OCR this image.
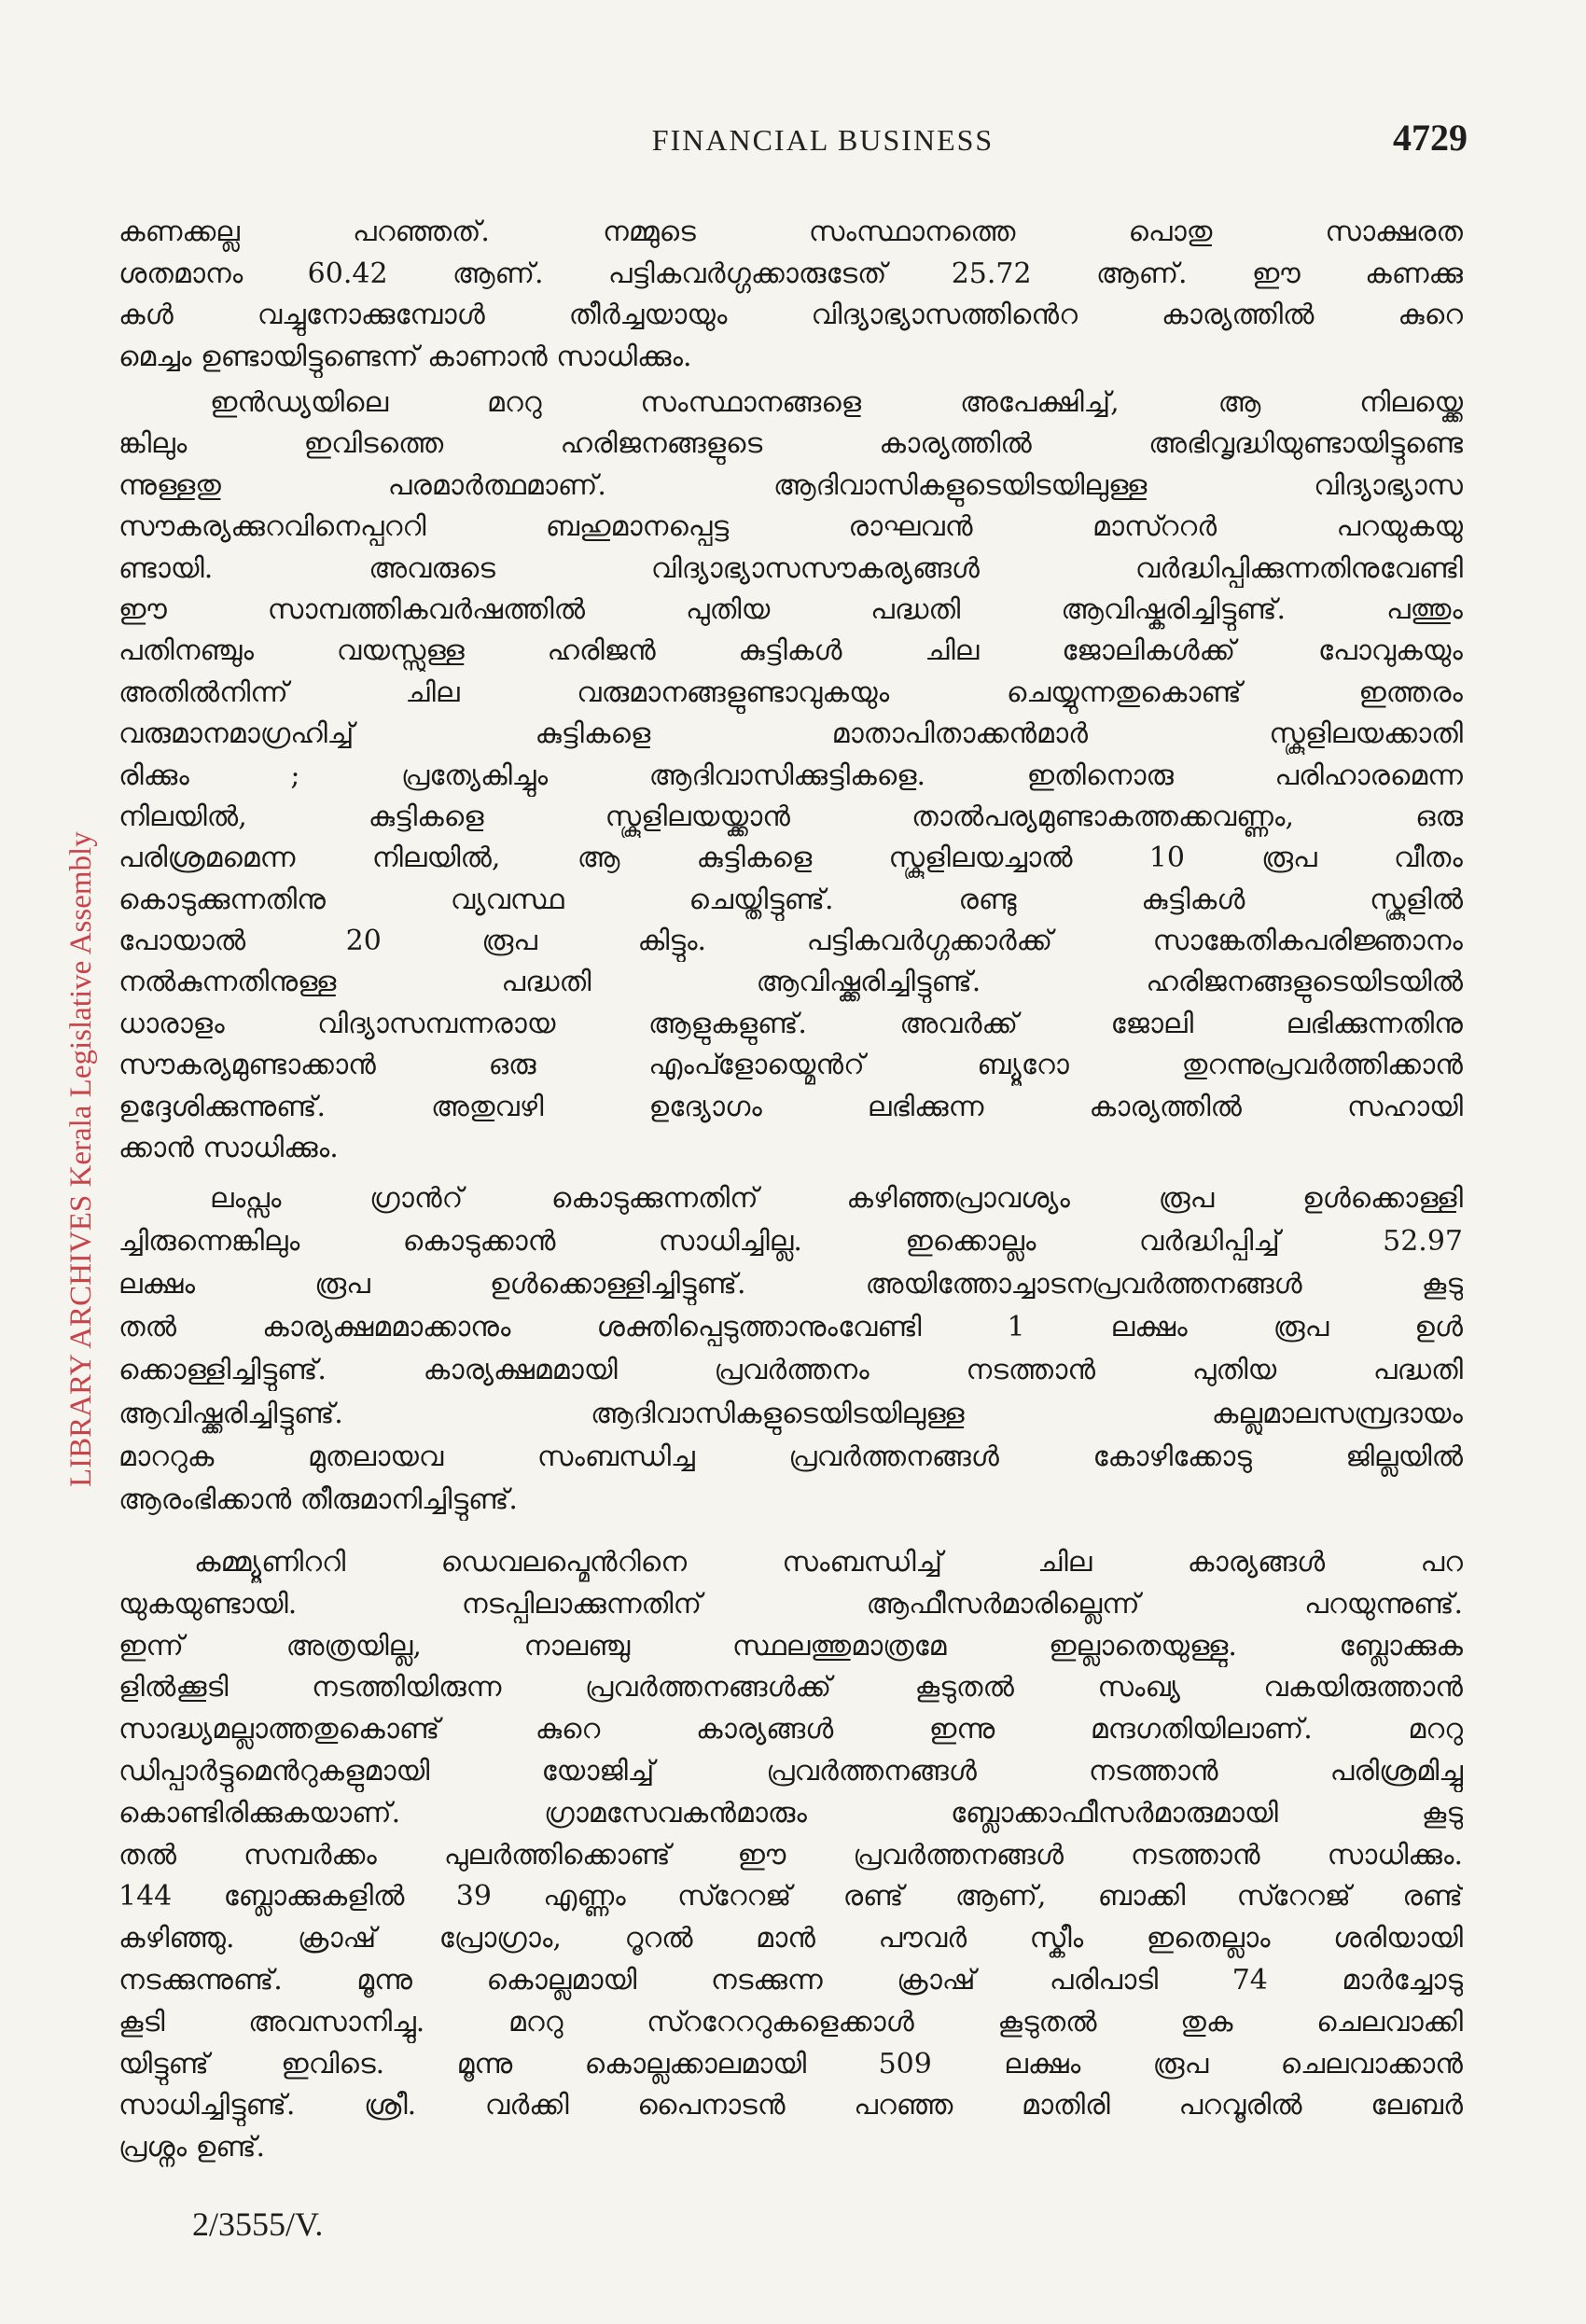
FINANCIAL BUSINESS	4729
LIBRARY ARCHIVES Kerala Legislative Assembly
കണക്കല്ല പറഞ്ഞത്. നമ്മുടെ സംസ്ഥാനത്തെ പൊതു സാക്ഷരത
ശതമാനം 60.42 ആണ്. പട്ടികവർഗ്ഗക്കാരുടേത് 25.72 ആണ്. ഈ കണക്കു
കൾ വച്ചുനോക്കുമ്പോൾ തീർച്ചയായും വിദ്യാഭ്യാസത്തിൻെറ കാര്യത്തിൽ കുറെ
മെച്ചം ഉണ്ടായിട്ടുണ്ടെന്ന് കാണാൻ സാധിക്കും.
ഇൻഡ്യയിലെ മററു സംസ്ഥാനങ്ങളെ അപേക്ഷിച്ച്, ആ നിലയ്ക്കെ
ങ്കിലും ഇവിടത്തെ ഹരിജനങ്ങളുടെ കാര്യത്തിൽ അഭിവൃദ്ധിയുണ്ടായിട്ടുണ്ടെ
ന്നുള്ളതു പരമാർത്ഥമാണ്. ആദിവാസികളുടെയിടയിലുള്ള വിദ്യാഭ്യാസ
സൗകര്യക്കുറവിനെപ്പററി ബഹുമാനപ്പെട്ട രാഘവൻ മാസ്ററർ പറയുകയു
ണ്ടായി. അവരുടെ വിദ്യാഭ്യാസസൗകര്യങ്ങൾ വർദ്ധിപ്പിക്കുന്നതിനുവേണ്ടി
ഈ സാമ്പത്തികവർഷത്തിൽ പുതിയ പദ്ധതി ആവിഷ്കരിച്ചിട്ടുണ്ട്. പത്തും
പതിനഞ്ചും വയസ്സുള്ള ഹരിജൻ കുട്ടികൾ ചില ജോലികൾക്ക് പോവുകയും
അതിൽനിന്ന് ചില വരുമാനങ്ങളുണ്ടാവുകയും ചെയ്യുന്നതുകൊണ്ട് ഇത്തരം
വരുമാനമാഗ്രഹിച്ച് കുട്ടികളെ മാതാപിതാക്കൻമാർ സ്കൂളിലയക്കാതി
രിക്കും ; പ്രത്യേകിച്ചും ആദിവാസിക്കുട്ടികളെ. ഇതിനൊരു പരിഹാരമെന്ന
നിലയിൽ, കുട്ടികളെ സ്കൂളിലയയ്ക്കാൻ താൽപര്യമുണ്ടാകത്തക്കവണ്ണം, ഒരു
പരിശ്രമമെന്ന നിലയിൽ, ആ കുട്ടികളെ സ്കൂളിലയച്ചാൽ 10 രൂപ വീതം
കൊടുക്കുന്നതിനു വ്യവസ്ഥ ചെയ്തിട്ടുണ്ട്. രണ്ടു കുട്ടികൾ സ്കൂളിൽ
പോയാൽ 20 രൂപ കിട്ടും. പട്ടികവർഗ്ഗക്കാർക്ക് സാങ്കേതികപരിജ്ഞാനം
നൽകുന്നതിനുള്ള പദ്ധതി ആവിഷ്ക്കരിച്ചിട്ടുണ്ട്. ഹരിജനങ്ങളുടെയിടയിൽ
ധാരാളം വിദ്യാസമ്പന്നരായ ആളുകളുണ്ട്. അവർക്ക് ജോലി ലഭിക്കുന്നതിനു
സൗകര്യമുണ്ടാക്കാൻ ഒരു എംപ്ളോയ്മെൻറ് ബ്യൂറോ തുറന്നുപ്രവർത്തിക്കാൻ
ഉദ്ദേശിക്കുന്നുണ്ട്. അതുവഴി ഉദ്യോഗം ലഭിക്കുന്ന കാര്യത്തിൽ സഹായി
ക്കാൻ സാധിക്കും.
ലംപ്സം ഗ്രാൻറ് കൊടുക്കുന്നതിന് കഴിഞ്ഞപ്രാവശ്യം രൂപ ഉൾക്കൊള്ളി
ച്ചിരുന്നെങ്കിലും കൊടുക്കാൻ സാധിച്ചില്ല. ഇക്കൊല്ലം വർദ്ധിപ്പിച്ച് 52.97
ലക്ഷം രൂപ ഉൾക്കൊള്ളിച്ചിട്ടുണ്ട്. അയിത്തോച്ചാടനപ്രവർത്തനങ്ങൾ കൂടു
തൽ കാര്യക്ഷമമാക്കാനും ശക്തിപ്പെടുത്താനുംവേണ്ടി 1 ലക്ഷം രൂപ ഉൾ
ക്കൊള്ളിച്ചിട്ടുണ്ട്. കാര്യക്ഷമമായി പ്രവർത്തനം നടത്താൻ പുതിയ പദ്ധതി
ആവിഷ്ക്കരിച്ചിട്ടുണ്ട്. ആദിവാസികളുടെയിടയിലുള്ള കല്ലുമാലസമ്പ്രദായം
മാററുക മുതലായവ സംബന്ധിച്ച പ്രവർത്തനങ്ങൾ കോഴിക്കോടു ജില്ലയിൽ
ആരംഭിക്കാൻ തീരുമാനിച്ചിട്ടുണ്ട്.
കമ്മ്യൂണിററി ഡെവലപ്മെൻറിനെ സംബന്ധിച്ച് ചില കാര്യങ്ങൾ പറ
യുകയുണ്ടായി. നടപ്പിലാക്കുന്നതിന് ആഫീസർമാരില്ലെന്ന് പറയുന്നുണ്ട്.
ഇന്ന് അത്രയില്ല, നാലഞ്ചു സ്ഥലത്തുമാത്രമേ ഇല്ലാതെയുള്ളു. ബ്ലോക്കുക
ളിൽക്കൂടി നടത്തിയിരുന്ന പ്രവർത്തനങ്ങൾക്ക് കൂടുതൽ സംഖ്യ വകയിരുത്താൻ
സാദ്ധ്യമല്ലാത്തതുകൊണ്ട് കുറെ കാര്യങ്ങൾ ഇന്നു മന്ദഗതിയിലാണ്. മററു
ഡിപ്പാർട്ടുമെൻറുകളുമായി യോജിച്ച് പ്രവർത്തനങ്ങൾ നടത്താൻ പരിശ്രമിച്ചു
കൊണ്ടിരിക്കുകയാണ്. ഗ്രാമസേവകൻമാരും ബ്ലോക്കാഫീസർമാരുമായി കൂടു
തൽ സമ്പർക്കം പുലർത്തിക്കൊണ്ട് ഈ പ്രവർത്തനങ്ങൾ നടത്താൻ സാധിക്കും.
144 ബ്ലോക്കുകളിൽ 39 എണ്ണം സ്റേറജ് രണ്ട് ആണ്, ബാക്കി സ്റേറജ് രണ്ട്
കഴിഞ്ഞു. ക്രാഷ് പ്രോഗ്രാം, റൂറൽ മാൻ പൗവർ സ്കീം ഇതെല്ലാം ശരിയായി
നടക്കുന്നുണ്ട്. മൂന്നു കൊല്ലമായി നടക്കുന്ന ക്രാഷ് പരിപാടി 74 മാർച്ചോടു
കൂടി അവസാനിച്ചു. മററു സ്ററേററുകളെക്കാൾ കൂടുതൽ തുക ചെലവാക്കി
യിട്ടുണ്ട് ഇവിടെ. മൂന്നു കൊല്ലക്കാലമായി 509 ലക്ഷം രൂപ ചെലവാക്കാൻ
സാധിച്ചിട്ടുണ്ട്. ശ്രീ. വർക്കി പൈനാടൻ പറഞ്ഞ മാതിരി പറവൂരിൽ ലേബർ
പ്രശ്നം ഉണ്ട്.
2/3555/V.
